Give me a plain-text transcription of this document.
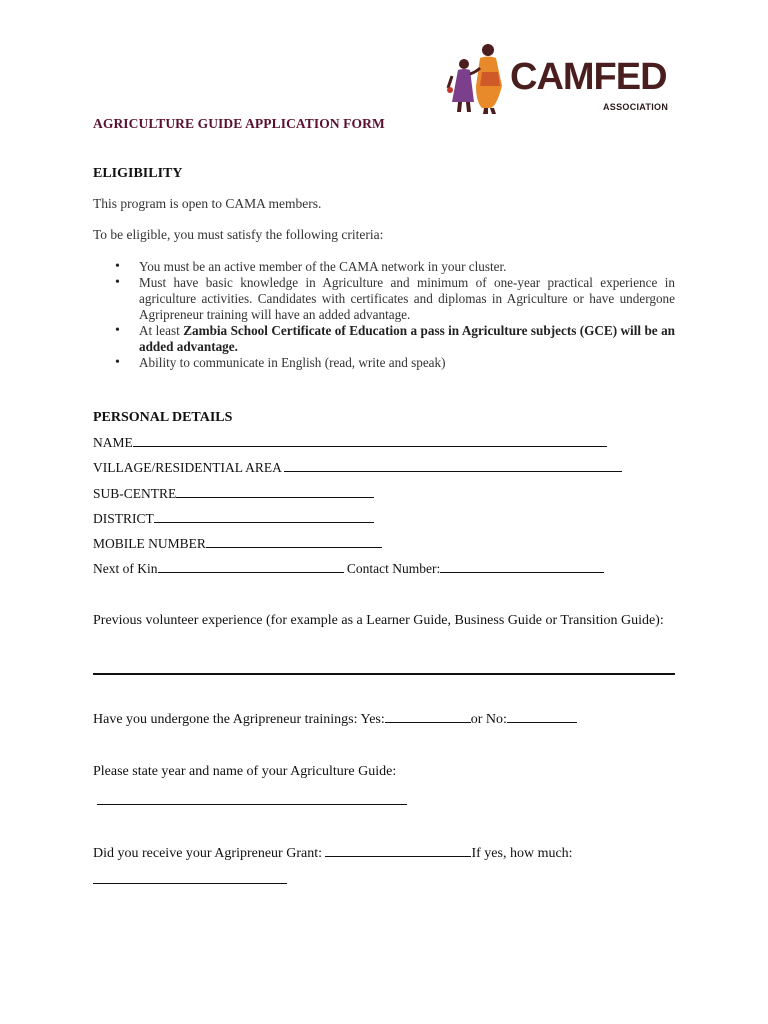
CAMFED
ASSOCIATION
AGRICULTURE GUIDE APPLICATION FORM
ELIGIBILITY
This program is open to CAMA members.
To be eligible, you must satisfy the following criteria:
• You must be an active member of the CAMA network in your cluster.
• Must have basic knowledge in Agriculture and minimum of one-year practical experience in agriculture activities. Candidates with certificates and diplomas in Agriculture or have undergone Agripreneur training will have an added advantage.
• At least Zambia School Certificate of Education a pass in Agriculture subjects (GCE) will be an added advantage.
• Ability to communicate in English (read, write and speak)
PERSONAL DETAILS
NAME
VILLAGE/RESIDENTIAL AREA
SUB-CENTRE
DISTRICT
MOBILE NUMBER
Next of Kin	Contact Number:
Previous volunteer experience (for example as a Learner Guide, Business Guide or Transition Guide):
Have you undergone the Agripreneur trainings: Yes:	or No:
Please state year and name of your Agriculture Guide:
Did you receive your Agripreneur Grant:	If yes, how much:
